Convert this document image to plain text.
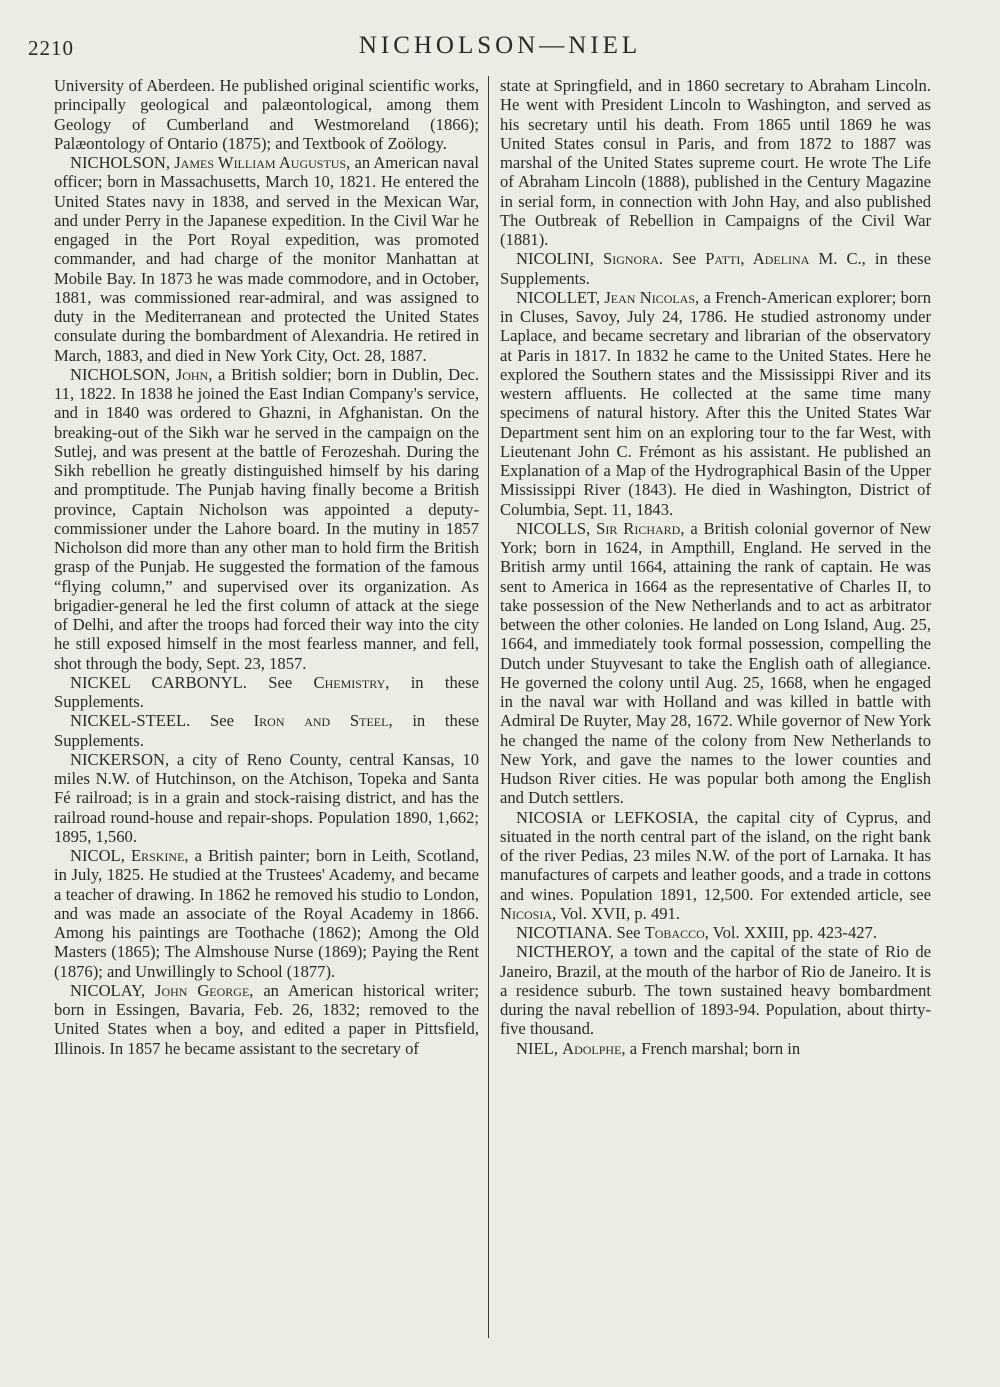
2210	NICHOLSON—NIEL

University of Aberdeen. He published original scientific works, principally geological and palæontological, among them Geology of Cumberland and Westmoreland (1866); Palæontology of Ontario (1875); and Textbook of Zoölogy.

NICHOLSON, James William Augustus, an American naval officer; born in Massachusetts, March 10, 1821. He entered the United States navy in 1838, and served in the Mexican War, and under Perry in the Japanese expedition. In the Civil War he engaged in the Port Royal expedition, was promoted commander, and had charge of the monitor Manhattan at Mobile Bay. In 1873 he was made commodore, and in October, 1881, was commissioned rear-admiral, and was assigned to duty in the Mediterranean and protected the United States consulate during the bombardment of Alexandria. He retired in March, 1883, and died in New York City, Oct. 28, 1887.

NICHOLSON, John, a British soldier; born in Dublin, Dec. 11, 1822. In 1838 he joined the East Indian Company's service, and in 1840 was ordered to Ghazni, in Afghanistan. On the breaking-out of the Sikh war he served in the campaign on the Sutlej, and was present at the battle of Ferozeshah. During the Sikh rebellion he greatly distinguished himself by his daring and promptitude. The Punjab having finally become a British province, Captain Nicholson was appointed a deputy-commissioner under the Lahore board. In the mutiny in 1857 Nicholson did more than any other man to hold firm the British grasp of the Punjab. He suggested the formation of the famous “flying column,” and supervised over its organization. As brigadier-general he led the first column of attack at the siege of Delhi, and after the troops had forced their way into the city he still exposed himself in the most fearless manner, and fell, shot through the body, Sept. 23, 1857.

NICKEL CARBONYL. See Chemistry, in these Supplements.

NICKEL-STEEL. See Iron and Steel, in these Supplements.

NICKERSON, a city of Reno County, central Kansas, 10 miles N.W. of Hutchinson, on the Atchison, Topeka and Santa Fé railroad; is in a grain and stock-raising district, and has the railroad round-house and repair-shops. Population 1890, 1,662; 1895, 1,560.

NICOL, Erskine, a British painter; born in Leith, Scotland, in July, 1825. He studied at the Trustees' Academy, and became a teacher of drawing. In 1862 he removed his studio to London, and was made an associate of the Royal Academy in 1866. Among his paintings are Toothache (1862); Among the Old Masters (1865); The Almshouse Nurse (1869); Paying the Rent (1876); and Unwillingly to School (1877).

NICOLAY, John George, an American historical writer; born in Essingen, Bavaria, Feb. 26, 1832; removed to the United States when a boy, and edited a paper in Pittsfield, Illinois. In 1857 he became assistant to the secretary of

state at Springfield, and in 1860 secretary to Abraham Lincoln. He went with President Lincoln to Washington, and served as his secretary until his death. From 1865 until 1869 he was United States consul in Paris, and from 1872 to 1887 was marshal of the United States supreme court. He wrote The Life of Abraham Lincoln (1888), published in the Century Magazine in serial form, in connection with John Hay, and also published The Outbreak of Rebellion in Campaigns of the Civil War (1881).

NICOLINI, Signora. See Patti, Adelina M. C., in these Supplements.

NICOLLET, Jean Nicolas, a French-American explorer; born in Cluses, Savoy, July 24, 1786. He studied astronomy under Laplace, and became secretary and librarian of the observatory at Paris in 1817. In 1832 he came to the United States. Here he explored the Southern states and the Mississippi River and its western affluents. He collected at the same time many specimens of natural history. After this the United States War Department sent him on an exploring tour to the far West, with Lieutenant John C. Frémont as his assistant. He published an Explanation of a Map of the Hydrographical Basin of the Upper Mississippi River (1843). He died in Washington, District of Columbia, Sept. 11, 1843.

NICOLLS, Sir Richard, a British colonial governor of New York; born in 1624, in Ampthill, England. He served in the British army until 1664, attaining the rank of captain. He was sent to America in 1664 as the representative of Charles II, to take possession of the New Netherlands and to act as arbitrator between the other colonies. He landed on Long Island, Aug. 25, 1664, and immediately took formal possession, compelling the Dutch under Stuyvesant to take the English oath of allegiance. He governed the colony until Aug. 25, 1668, when he engaged in the naval war with Holland and was killed in battle with Admiral De Ruyter, May 28, 1672. While governor of New York he changed the name of the colony from New Netherlands to New York, and gave the names to the lower counties and Hudson River cities. He was popular both among the English and Dutch settlers.

NICOSIA or LEFKOSIA, the capital city of Cyprus, and situated in the north central part of the island, on the right bank of the river Pedias, 23 miles N.W. of the port of Larnaka. It has manufactures of carpets and leather goods, and a trade in cottons and wines. Population 1891, 12,500. For extended article, see Nicosia, Vol. XVII, p. 491.

NICOTIANA. See Tobacco, Vol. XXIII, pp. 423-427.

NICTHEROY, a town and the capital of the state of Rio de Janeiro, Brazil, at the mouth of the harbor of Rio de Janeiro. It is a residence suburb. The town sustained heavy bombardment during the naval rebellion of 1893-94. Population, about thirty-five thousand.

NIEL, Adolphe, a French marshal; born in
